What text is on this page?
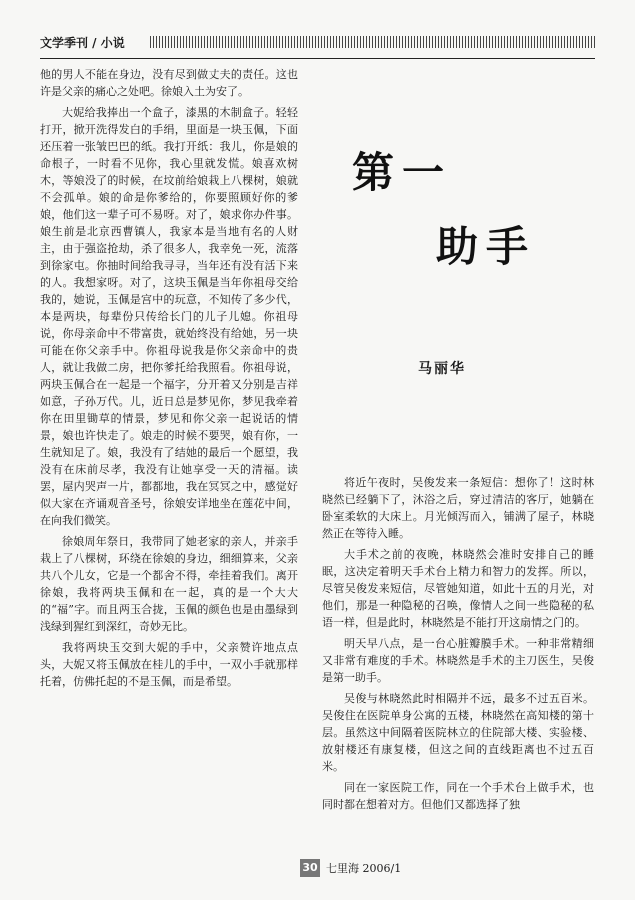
文学季刊 / 小说

他的男人不能在身边，没有尽到做丈夫的责任。这也许是父亲的痛心之处吧。徐娘入土为安了。

大妮给我捧出一个盒子，漆黑的木制盒子。轻轻打开，掀开洗得发白的手绢，里面是一块玉佩，下面还压着一张皱巴巴的纸。我打开纸：我儿，你是娘的命根子，一时看不见你，我心里就发慌。娘喜欢树木，等娘没了的时候，在坟前给娘栽上八棵树，娘就不会孤单。娘的命是你爹给的，你要照顾好你的爹娘，他们这一辈子可不易呀。对了，娘求你办件事。娘生前是北京西曹镇人，我家本是当地有名的人财主，由于强盗抢劫，杀了很多人，我幸免一死，流落到徐家屯。你抽时间给我寻寻，当年还有没有活下来的人。我想家呀。对了，这块玉佩是当年你祖母交给我的，她说，玉佩是宫中的玩意，不知传了多少代，本是两块，每辈份只传给长门的儿子儿媳。你祖母说，你母亲命中不带富贵，就始终没有给她，另一块可能在你父亲手中。你祖母说我是你父亲命中的贵人，就让我做二房，把你爹托给我照看。你祖母说，两块玉佩合在一起是一个福字，分开着又分别是吉祥如意，子孙万代。儿，近日总是梦见你，梦见我牵着你在田里锄草的情景，梦见和你父亲一起说话的情景，娘也许快走了。娘走的时候不要哭，娘有你，一生就知足了。娘，我没有了结她的最后一个愿望，我没有在床前尽孝，我没有让她享受一天的清福。读罢，屋内哭声一片，都都地，我在冥冥之中，感觉好似大家在齐诵观音圣号，徐娘安详地坐在莲花中间，在向我们微笑。

徐娘周年祭日，我带同了她老家的亲人，并亲手栽上了八棵树，环绕在徐娘的身边，细细算来，父亲共八个儿女，它是一个都舍不得，牵挂着我们。离开徐娘，我将两块玉佩和在一起，真的是一个大大的“福”字。而且两玉合拢，玉佩的颜色也是由墨绿到浅绿到猩红到深红，奇妙无比。

我将两块玉交到大妮的手中，父亲赞许地点点头，大妮又将玉佩放在桂儿的手中，一双小手就那样托着，仿佛托起的不是玉佩，而是希望。

第一
助手
马丽华

将近午夜时，吴俊发来一条短信：想你了！这时林晓然已经躺下了，沐浴之后，穿过清洁的客厅，她躺在卧室柔软的大床上。月光倾泻而入，铺满了屋子，林晓然正在等待入睡。

大手术之前的夜晚，林晓然会准时安排自己的睡眠，这决定着明天手术台上精力和智力的发挥。所以，尽管吴俊发来短信，尽管她知道，如此十五的月光，对他们，那是一种隐秘的召唤，像情人之间一些隐秘的私语一样，但是此时，林晓然是不能打开这扇情之门的。

明天早八点，是一台心脏瓣膜手术。一种非常精细又非常有难度的手术。林晓然是手术的主刀医生，吴俊是第一助手。

吴俊与林晓然此时相隔并不远，最多不过五百米。吴俊住在医院单身公寓的五楼，林晓然在高知楼的第十层。虽然这中间隔着医院林立的住院部大楼、实验楼、放射楼还有康复楼，但这之间的直线距离也不过五百米。

同在一家医院工作，同在一个手术台上做手术，也同时都在想着对方。但他们又都选择了独

30 七里海 2006/1
